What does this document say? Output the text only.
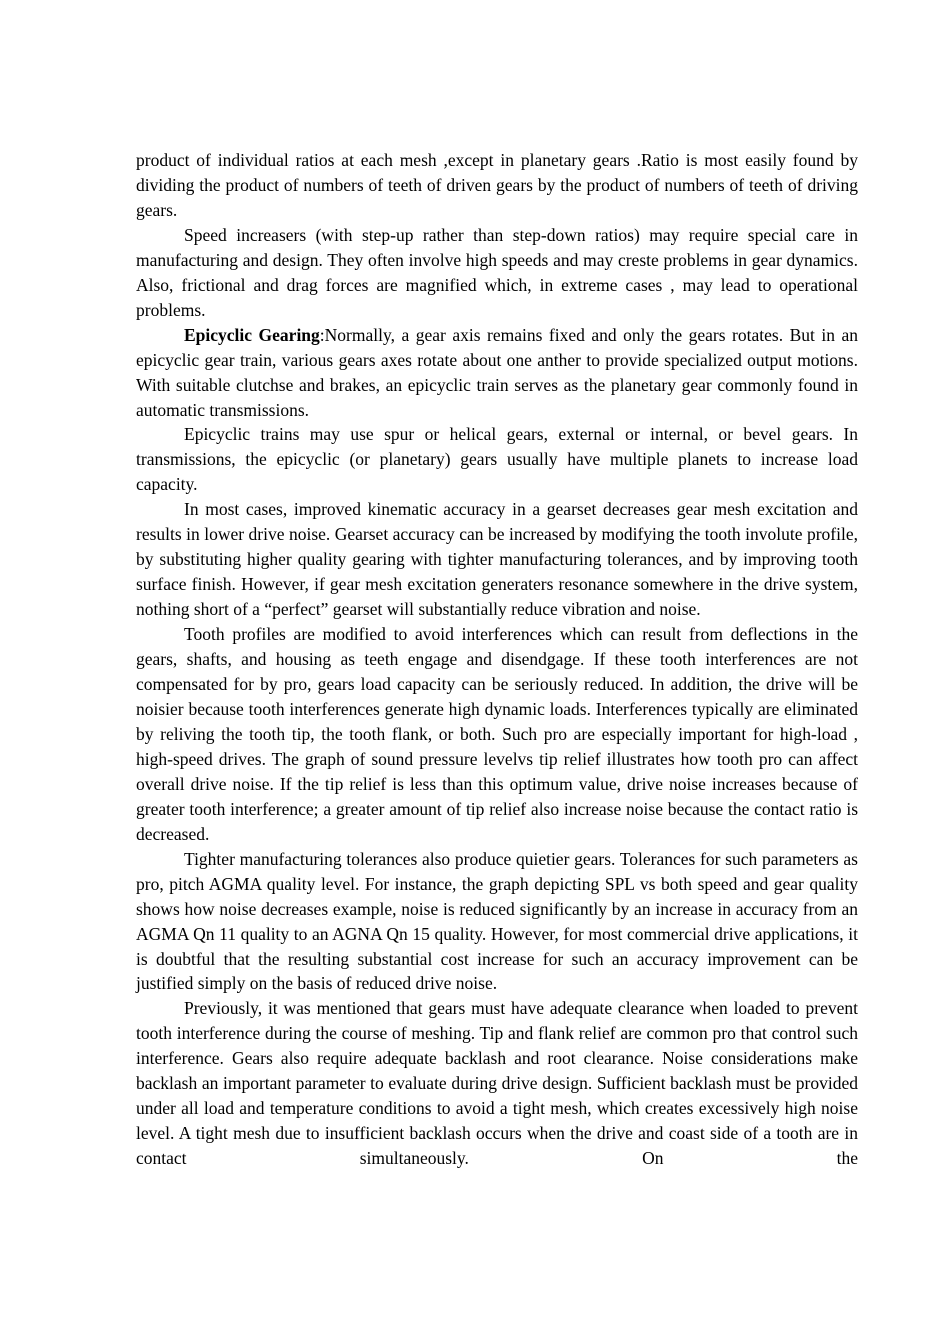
product of individual ratios at each mesh ,except in planetary gears .Ratio is most easily found by dividing the product of numbers of teeth of driven gears by the product of numbers of teeth of driving gears.

Speed increasers (with step-up rather than step-down ratios) may require special care in manufacturing and design. They often involve high speeds and may creste problems in gear dynamics. Also, frictional and drag forces are magnified which, in extreme cases , may lead to operational problems.

Epicyclic Gearing:Normally, a gear axis remains fixed and only the gears rotates. But in an epicyclic gear train, various gears axes rotate about one anther to provide specialized output motions. With suitable clutchse and brakes, an epicyclic train serves as the planetary gear commonly found in automatic transmissions.

Epicyclic trains may use spur or helical gears, external or internal, or bevel gears. In transmissions, the epicyclic (or planetary) gears usually have multiple planets to increase load capacity.

In most cases, improved kinematic accuracy in a gearset decreases gear mesh excitation and results in lower drive noise. Gearset accuracy can be increased by modifying the tooth involute profile, by substituting higher quality gearing with tighter manufacturing tolerances, and by improving tooth surface finish. However, if gear mesh excitation generaters resonance somewhere in the drive system, nothing short of a “perfect” gearset will substantially reduce vibration and noise.

Tooth profiles are modified to avoid interferences which can result from deflections in the gears, shafts, and housing as teeth engage and disendgage. If these tooth interferences are not compensated for by pro, gears load capacity can be seriously reduced. In addition, the drive will be noisier because tooth interferences generate high dynamic loads. Interferences typically are eliminated by reliving the tooth tip, the tooth flank, or both. Such pro are especially important for high-load , high-speed drives. The graph of sound pressure levelvs tip relief illustrates how tooth pro can affect overall drive noise. If the tip relief is less than this optimum value, drive noise increases because of greater tooth interference; a greater amount of tip relief also increase noise because the contact ratio is decreased.

Tighter manufacturing tolerances also produce quietier gears. Tolerances for such parameters as pro, pitch AGMA quality level. For instance, the graph depicting SPL vs both speed and gear quality shows how noise decreases example, noise is reduced significantly by an increase in accuracy from an AGMA Qn 11 quality to an AGNA Qn 15 quality. However, for most commercial drive applications, it is doubtful that the resulting substantial cost increase for such an accuracy improvement can be justified simply on the basis of reduced drive noise.

Previously, it was mentioned that gears must have adequate clearance when loaded to prevent tooth interference during the course of meshing. Tip and flank relief are common pro that control such interference. Gears also require adequate backlash and root clearance. Noise considerations make backlash an important parameter to evaluate during drive design. Sufficient backlash must be provided under all load and temperature conditions to avoid a tight mesh, which creates excessively high noise level. A tight mesh due to insufficient backlash occurs when the drive and coast side of a tooth are in contact simultaneously. On the
